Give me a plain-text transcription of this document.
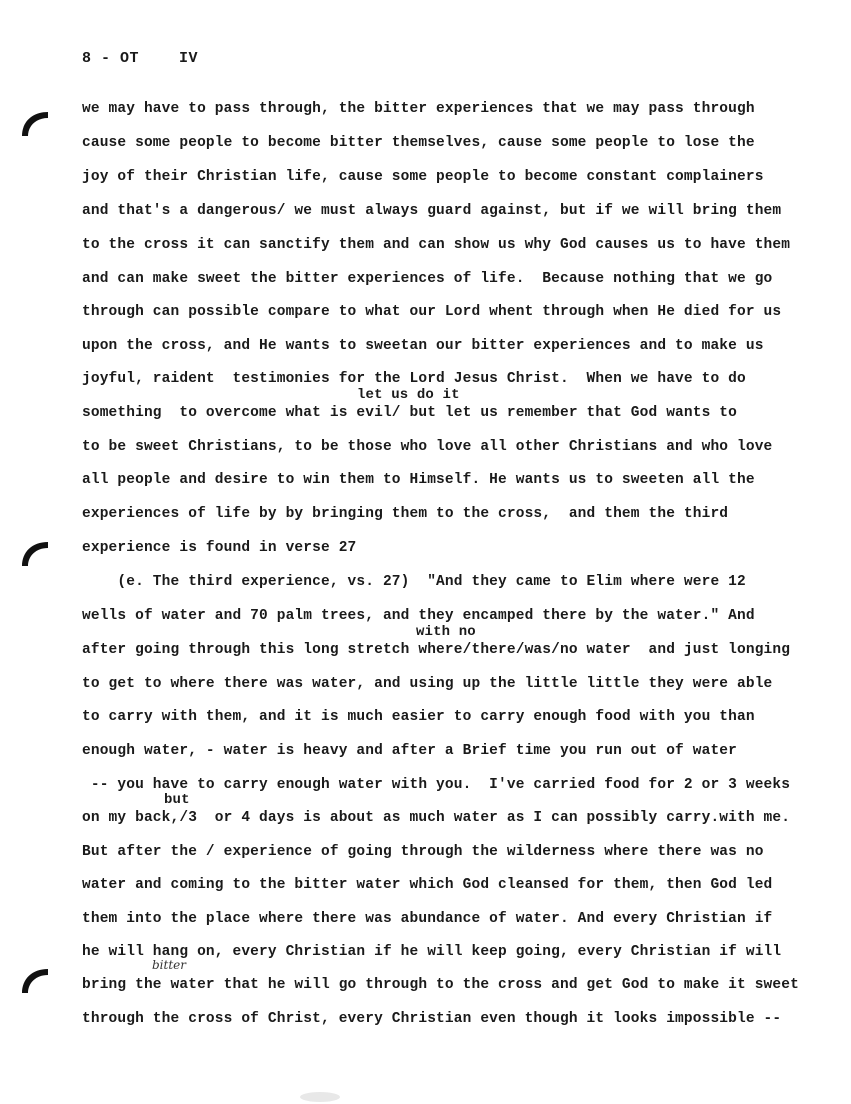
8 - OT	IV
we may have to pass through, the bitter experiences that we may pass through
cause some people to become bitter themselves, cause some people to lose the
joy of their Christian life, cause some people to become constant complainers
and that's a dangerous/ we must always guard against, but if we will bring them
to the cross it can sanctify them and can show us why God causes us to have them
and can make sweet the bitter experiences of life.  Because nothing that we go
through can possible compare to what our Lord whent through when He died for us
upon the cross, and He wants to sweetan our bitter experiences and to make us
joyful, raident  testimonies for the Lord Jesus Christ.  When we have to do
let us do it
something  to overcome what is evil/ but let us remember that God wants to
to be sweet Christians, to be those who love all other Christians and who love
all people and desire to win them to Himself. He wants us to sweeten all the
experiences of life by by bringing them to the cross,  and them the third
experience is found in verse 27
(e. The third experience, vs. 27)  "And they came to Elim where were 12
wells of water and 70 palm trees, and they encamped there by the water." And
with no
after going through this long stretch where/there/was/no water  and just longing
to get to where there was water, and using up the little little they were able
to carry with them, and it is much easier to carry enough food with you than
enough water, - water is heavy and after a Brief time you run out of water
-- you have to carry enough water with you.  I've carried food for 2 or 3 weeks
but
on my back,/3  or 4 days is about as much water as I can possibly carry.with me.
But after the / experience of going through the wilderness where there was no
water and coming to the bitter water which God cleansed for them, then God led
them into the place where there was abundance of water. And every Christian if
he will hang on, every Christian if he will keep going, every Christian if will
bitter
bring the water that he will go through to the cross and get God to make it sweet
through the cross of Christ, every Christian even though it looks impossible --
